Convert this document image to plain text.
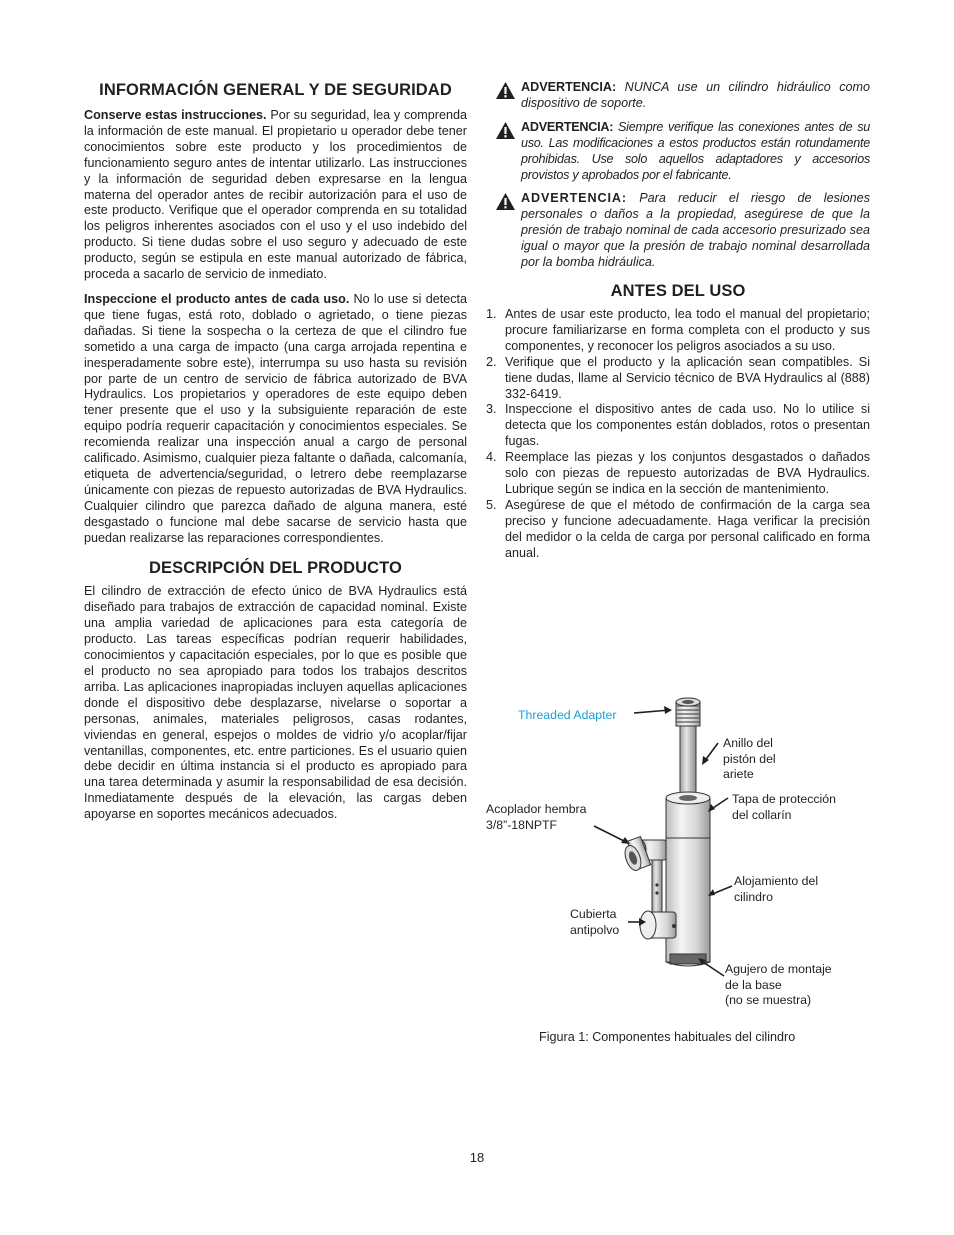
INFORMACIÓN GENERAL Y DE SEGURIDAD

Conserve estas instrucciones. Por su seguridad, lea y comprenda la información de este manual. El propietario u operador debe tener conocimientos sobre este producto y los procedimientos de funcionamiento seguro antes de intentar utilizarlo. Las instrucciones y la información de seguridad deben expresarse en la lengua materna del operador antes de recibir autorización para el uso de este producto. Verifique que el operador comprenda en su totalidad los peligros inherentes asociados con el uso y el uso indebido del producto. Si tiene dudas sobre el uso seguro y adecuado de este producto, según se estipula en este manual autorizado de fábrica, proceda a sacarlo de servicio de inmediato.

Inspeccione el producto antes de cada uso. No lo use si detecta que tiene fugas, está roto, doblado o agrietado, o tiene piezas dañadas. Si tiene la sospecha o la certeza de que el cilindro fue sometido a una carga de impacto (una carga arrojada repentina e inesperadamente sobre este), interrumpa su uso hasta su revisión por parte de un centro de servicio de fábrica autorizado de BVA Hydraulics. Los propietarios y operadores de este equipo deben tener presente que el uso y la subsiguiente reparación de este equipo podría requerir capacitación y conocimientos especiales. Se recomienda realizar una inspección anual a cargo de personal calificado. Asimismo, cualquier pieza faltante o dañada, calcomanía, etiqueta de advertencia/seguridad, o letrero debe reemplazarse únicamente con piezas de repuesto autorizadas de BVA Hydraulics. Cualquier cilindro que parezca dañado de alguna manera, esté desgastado o funcione mal debe sacarse de servicio hasta que puedan realizarse las reparaciones correspondientes.

DESCRIPCIÓN DEL PRODUCTO

El cilindro de extracción de efecto único de BVA Hydraulics está diseñado para trabajos de extracción de capacidad nominal. Existe una amplia variedad de aplicaciones para esta categoría de producto. Las tareas específicas podrían requerir habilidades, conocimientos y capacitación especiales, por lo que es posible que el producto no sea apropiado para todos los trabajos descritos arriba. Las aplicaciones inapropiadas incluyen aquellas aplicaciones donde el dispositivo debe desplazarse, nivelarse o soportar a personas, animales, materiales peligrosos, casas rodantes, viviendas en general, espejos o moldes de vidrio y/o acoplar/fijar ventanillas, componentes, etc. entre particiones. Es el usuario quien debe decidir en última instancia si el producto es apropiado para una tarea determinada y asumir la responsabilidad de esa decisión. Inmediatamente después de la elevación, las cargas deben apoyarse en soportes mecánicos adecuados.

ADVERTENCIA: NUNCA use un cilindro hidráulico como dispositivo de soporte.
ADVERTENCIA: Siempre verifique las conexiones antes de su uso. Las modificaciones a estos productos están rotundamente prohibidas. Use solo aquellos adaptadores y accesorios provistos y aprobados por el fabricante.
ADVERTENCIA: Para reducir el riesgo de lesiones personales o daños a la propiedad, asegúrese de que la presión de trabajo nominal de cada accesorio presurizado sea igual o mayor que la presión de trabajo nominal desarrollada por la bomba hidráulica.
ANTES DEL USO
1. Antes de usar este producto, lea todo el manual del propietario; procure familiarizarse en forma completa con el producto y sus componentes, y reconocer los peligros asociados a su uso.
2. Verifique que el producto y la aplicación sean compatibles. Si tiene dudas, llame al Servicio técnico de BVA Hydraulics al (888) 332-6419.
3. Inspeccione el dispositivo antes de cada uso. No lo utilice si detecta que los componentes están doblados, rotos o presentan fugas.
4. Reemplace las piezas y los conjuntos desgastados o dañados solo con piezas de repuesto autorizadas de BVA Hydraulics. Lubrique según se indica en la sección de mantenimiento.
5. Asegúrese de que el método de confirmación de la carga sea preciso y funcione adecuadamente. Haga verificar la precisión del medidor o la celda de carga por personal calificado en forma anual.
Threaded Adapter
Anillo del
pistón del
ariete
Tapa de protección
del collarín
Acoplador hembra
3/8”-18NPTF
Alojamiento del
cilindro
Cubierta
antipolvo
Agujero de montaje
de la base
(no se muestra)
Figura 1: Componentes habituales del cilindro
18
